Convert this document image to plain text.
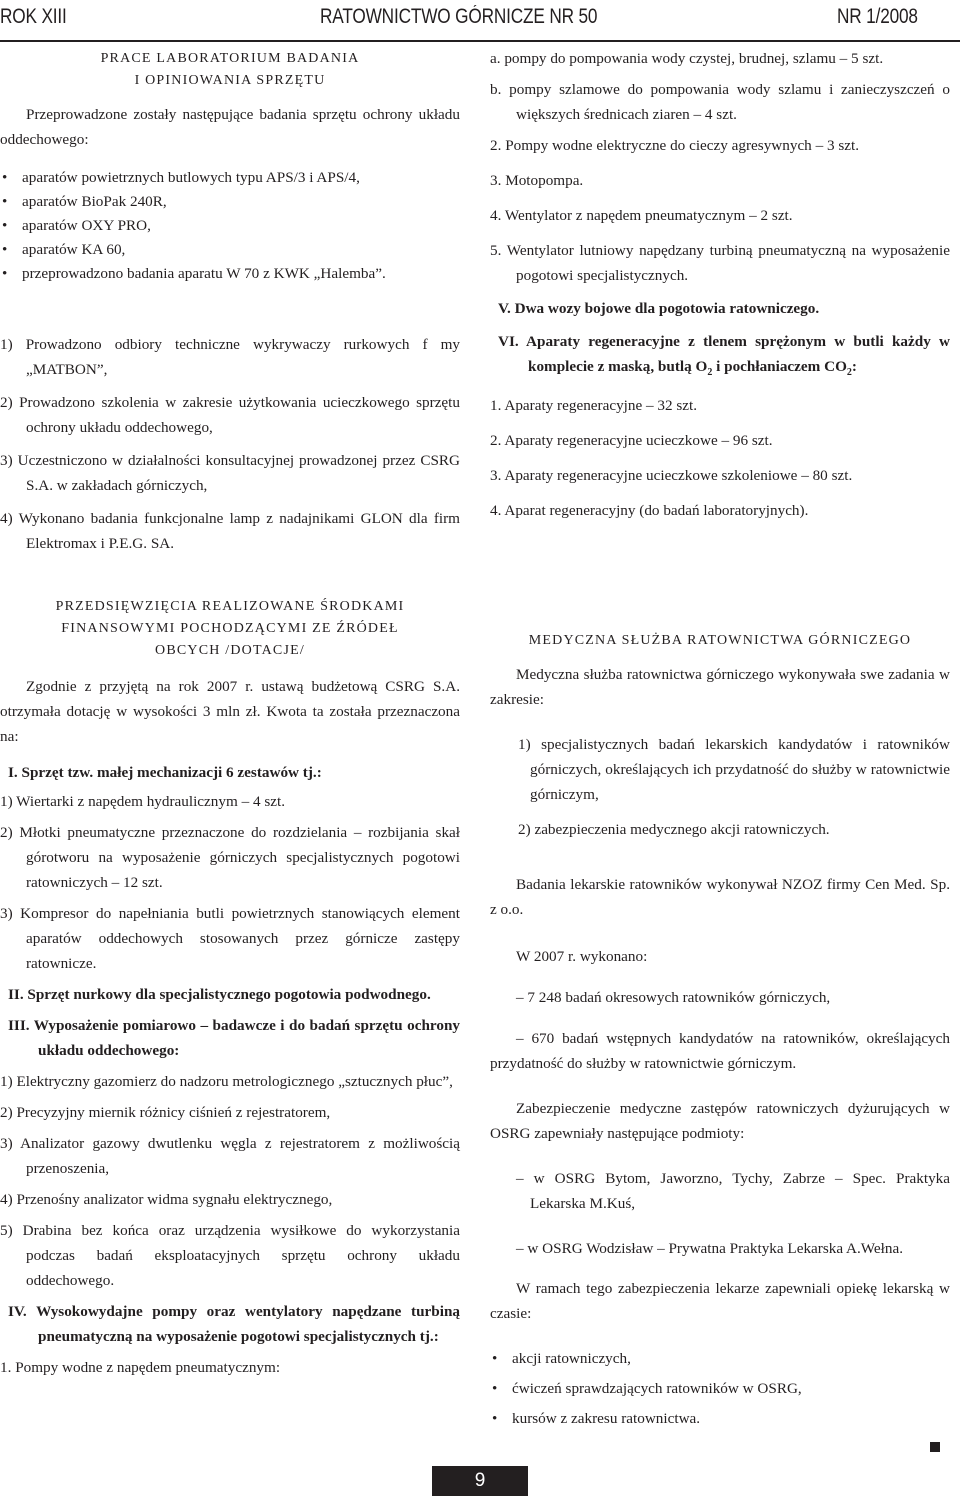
ROK XIII	RATOWNICTWO GÓRNICZE NR 50	NR 1/2008
PRACE LABORATORIUM BADANIA
I OPINIOWANIA SPRZĘTU
Przeprowadzone zostały następujące badania sprzętu ochrony układu oddechowego:
• aparatów powietrznych butlowych typu APS/3 i APS/4,
• aparatów BioPak 240R,
• aparatów OXY PRO,
• aparatów KA 60,
• przeprowadzono badania aparatu W 70 z KWK „Halemba”.
1) Prowadzono odbiory techniczne wykrywaczy rurkowych f my „MATBON”,
2) Prowadzono szkolenia w zakresie użytkowania ucieczkowego sprzętu ochrony układu oddechowego,
3) Uczestniczono w działalności konsultacyjnej prowadzonej przez CSRG S.A. w zakładach górniczych,
4) Wykonano badania funkcjonalne lamp z nadajnikami GLON dla firm Elektromax i P.E.G. SA.
PRZEDSIĘWZIĘCIA REALIZOWANE ŚRODKAMI
FINANSOWYMI POCHODZĄCYMI ZE ŹRÓDEŁ
OBCYCH /DOTACJE/
Zgodnie z przyjętą na rok 2007 r. ustawą budżetową CSRG S.A. otrzymała dotację w wysokości 3 mln zł. Kwota ta została przeznaczona na:
I. Sprzęt tzw. małej mechanizacji 6 zestawów tj.:
1) Wiertarki z napędem hydraulicznym – 4 szt.
2) Młotki pneumatyczne przeznaczone do rozdzielania – rozbijania skał górotworu na wyposażenie górniczych specjalistycznych pogotowi ratowniczych – 12 szt.
3) Kompresor do napełniania butli powietrznych stanowiących element aparatów oddechowych stosowanych przez górnicze zastępy ratownicze.
II. Sprzęt nurkowy dla specjalistycznego pogotowia podwodnego.
III. Wyposażenie pomiarowo – badawcze i do badań sprzętu ochrony układu oddechowego:
1) Elektryczny gazomierz do nadzoru metrologicznego „sztucznych płuc”,
2) Precyzyjny miernik różnicy ciśnień z rejestratorem,
3) Analizator gazowy dwutlenku węgla z rejestratorem z możliwością przenoszenia,
4) Przenośny analizator widma sygnału elektrycznego,
5) Drabina bez końca oraz urządzenia wysiłkowe do wykorzystania podczas badań eksploatacyjnych sprzętu ochrony układu oddechowego.
IV. Wysokowydajne pompy oraz wentylatory napędzane turbiną pneumatyczną na wyposażenie pogotowi specjalistycznych tj.:
1. Pompy wodne z napędem pneumatycznym:
a. pompy do pompowania wody czystej, brudnej, szlamu – 5 szt.
b. pompy szlamowe do pompowania wody szlamu i zanieczyszczeń o większych średnicach ziaren – 4 szt.
2. Pompy wodne elektryczne do cieczy agresywnych – 3 szt.
3. Motopompa.
4. Wentylator z napędem pneumatycznym – 2 szt.
5. Wentylator lutniowy napędzany turbiną pneumatyczną na wyposażenie pogotowi specjalistycznych.
V. Dwa wozy bojowe dla pogotowia ratowniczego.
VI. Aparaty regeneracyjne z tlenem sprężonym w butli każdy w komplecie z maską, butlą $O_2$ i pochłaniaczem $CO_2$:
1. Aparaty regeneracyjne – 32 szt.
2. Aparaty regeneracyjne ucieczkowe – 96 szt.
3. Aparaty regeneracyjne ucieczkowe szkoleniowe – 80 szt.
4. Aparat regeneracyjny (do badań laboratoryjnych).
MEDYCZNA SŁUŻBA RATOWNICTWA GÓRNICZEGO
Medyczna służba ratownictwa górniczego wykonywała swe zadania w zakresie:
1) specjalistycznych badań lekarskich kandydatów i ratowników górniczych, określających ich przydatność do służby w ratownictwie górniczym,
2) zabezpieczenia medycznego akcji ratowniczych.
Badania lekarskie ratowników wykonywał NZOZ firmy Cen Med. Sp. z o.o.
W 2007 r. wykonano:
– 7 248 badań okresowych ratowników górniczych,
– 670 badań wstępnych kandydatów na ratowników, określających przydatność do służby w ratownictwie górniczym.
Zabezpieczenie medyczne zastępów ratowniczych dyżurujących w OSRG zapewniały następujące podmioty:
– w OSRG Bytom, Jaworzno, Tychy, Zabrze – Spec. Praktyka Lekarska M.Kuś,
– w OSRG Wodzisław – Prywatna Praktyka Lekarska A.Wełna.
W ramach tego zabezpieczenia lekarze zapewniali opiekę lekarską w czasie:
• akcji ratowniczych,
• ćwiczeń sprawdzających ratowników w OSRG,
• kursów z zakresu ratownictwa.
9
